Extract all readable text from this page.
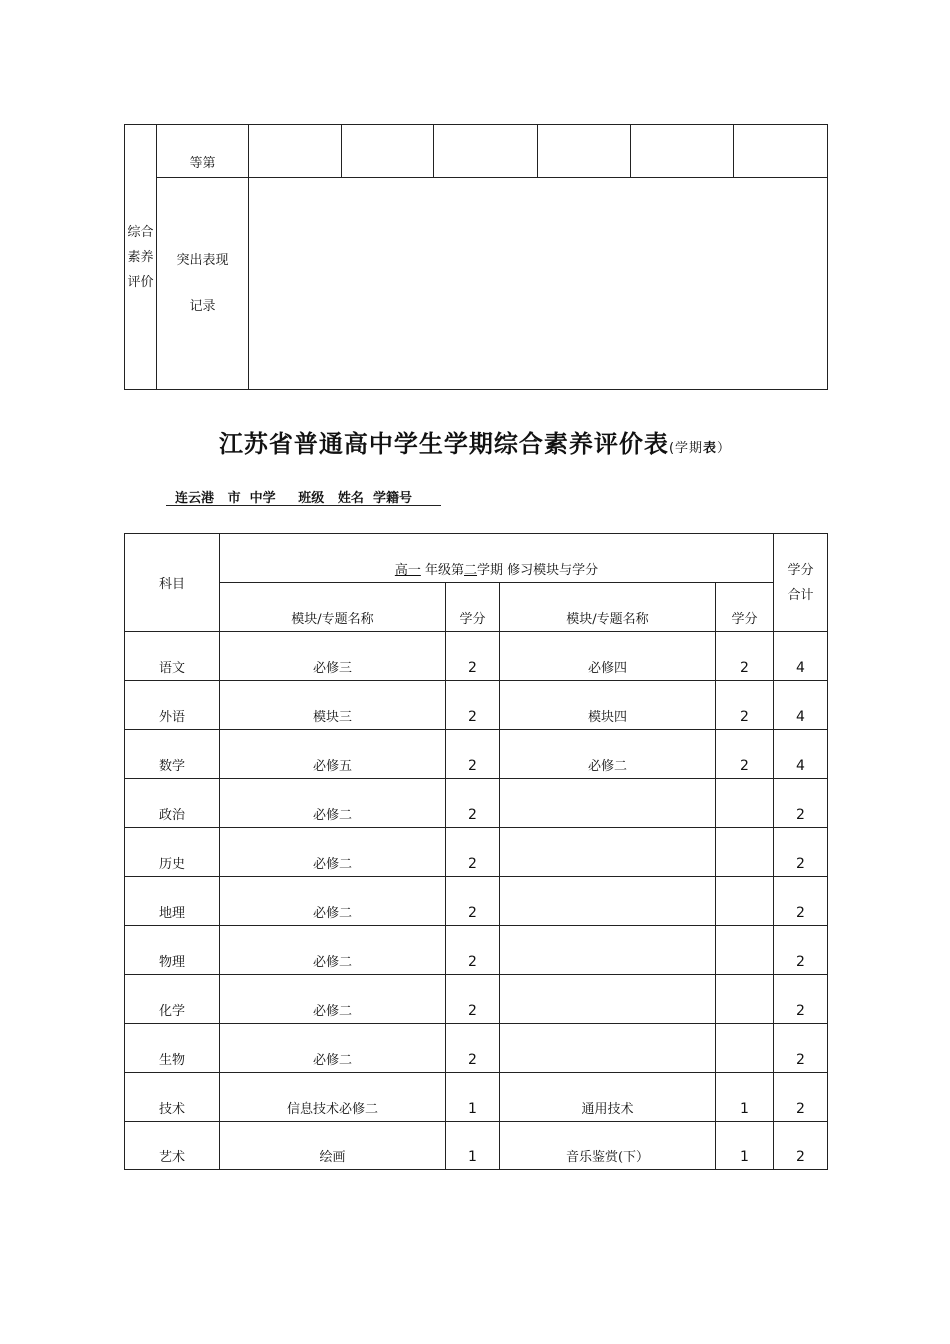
综合
素养
评价	等第						

	突出表现
记录						

江苏省普通高中学生学期综合素养评价表(学期表）
连云港   市  中学     班级   姓名  学籍号
科目	高一 年级第二学期 修习模块与学分				学分
合计

	模块/专题名称	学分	模块/专题名称	学分	
语文	必修三	2	必修四	2	4
外语	模块三	2	模块四	2	4
数学	必修五	2	必修二	2	4
政治	必修二	2			2
历史	必修二	2			2
地理	必修二	2			2
物理	必修二	2			2
化学	必修二	2			2
生物	必修二	2			2
技术	信息技术必修二	1	通用技术	1	2
艺术	绘画	1	音乐鉴赏(下）	1	2
